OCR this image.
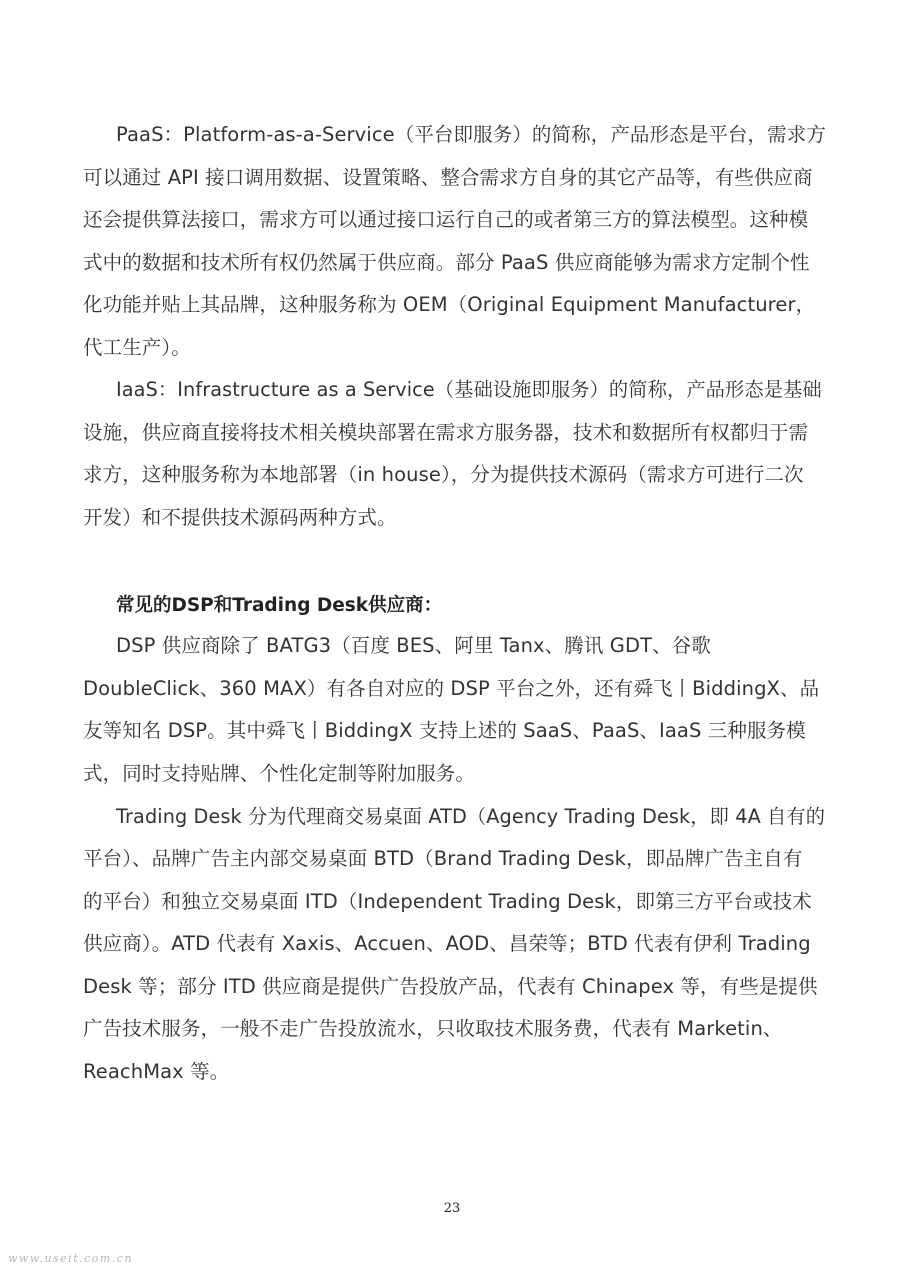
PaaS：Platform-as-a-Service（平台即服务）的简称，产品形态是平台，需求方
可以通过 API 接口调用数据、设置策略、整合需求方自身的其它产品等，有些供应商
还会提供算法接口，需求方可以通过接口运行自己的或者第三方的算法模型。这种模
式中的数据和技术所有权仍然属于供应商。部分 PaaS 供应商能够为需求方定制个性
化功能并贴上其品牌，这种服务称为 OEM（Original Equipment Manufacturer，
代工生产）。
IaaS：Infrastructure as a Service（基础设施即服务）的简称，产品形态是基础
设施，供应商直接将技术相关模块部署在需求方服务器，技术和数据所有权都归于需
求方，这种服务称为本地部署（in house），分为提供技术源码（需求方可进行二次
开发）和不提供技术源码两种方式。
常见的DSP和Trading Desk供应商：
DSP 供应商除了 BATG3（百度 BES、阿里 Tanx、腾讯 GDT、谷歌
DoubleClick、360 MAX）有各自对应的 DSP 平台之外，还有舜飞丨BiddingX、品
友等知名 DSP。其中舜飞丨BiddingX 支持上述的 SaaS、PaaS、IaaS 三种服务模
式，同时支持贴牌、个性化定制等附加服务。
Trading Desk 分为代理商交易桌面 ATD（Agency Trading Desk，即 4A 自有的
平台）、品牌广告主内部交易桌面 BTD（Brand Trading Desk，即品牌广告主自有
的平台）和独立交易桌面 ITD（Independent Trading Desk，即第三方平台或技术
供应商）。ATD 代表有 Xaxis、Accuen、AOD、昌荣等；BTD 代表有伊利 Trading
Desk 等；部分 ITD 供应商是提供广告投放产品，代表有 Chinapex 等，有些是提供
广告技术服务，一般不走广告投放流水，只收取技术服务费，代表有 Marketin、
ReachMax 等。
23
www.useit.com.cn
